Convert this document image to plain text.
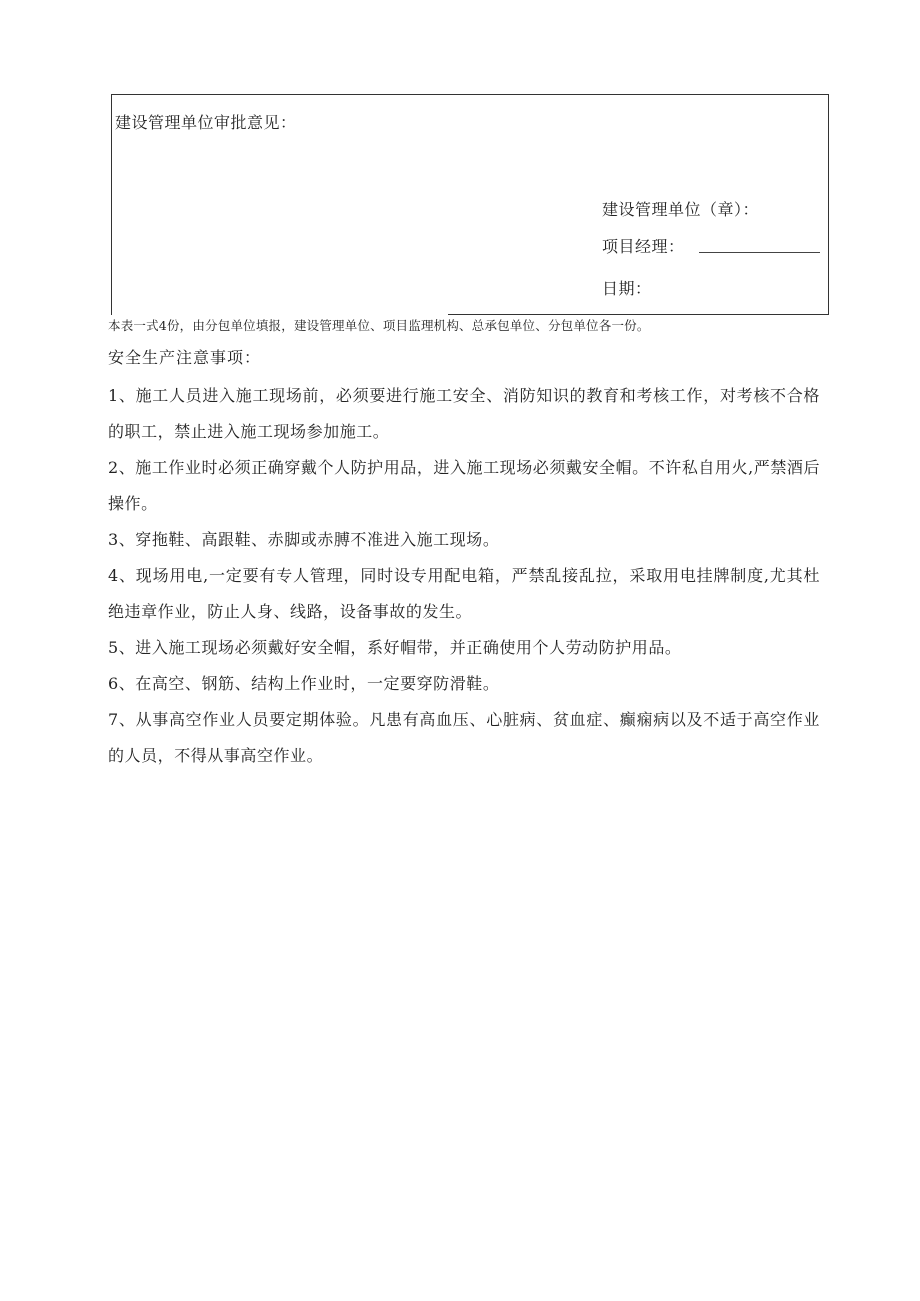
建设管理单位审批意见：
建设管理单位（章）：
项目经理：
日期：
本表一式4份，由分包单位填报，建设管理单位、项目监理机构、总承包单位、分包单位各一份。
安全生产注意事项：
1、施工人员进入施工现场前，必须要进行施工安全、消防知识的教育和考核工作，对考核不合格的职工，禁止进入施工现场参加施工。
2、施工作业时必须正确穿戴个人防护用品，进入施工现场必须戴安全帽。不许私自用火,严禁酒后操作。
3、穿拖鞋、高跟鞋、赤脚或赤膊不准进入施工现场。
4、现场用电,一定要有专人管理，同时设专用配电箱，严禁乱接乱拉，采取用电挂牌制度,尤其杜绝违章作业，防止人身、线路，设备事故的发生。
5、进入施工现场必须戴好安全帽，系好帽带，并正确使用个人劳动防护用品。
6、在高空、钢筋、结构上作业时，一定要穿防滑鞋。
7、从事高空作业人员要定期体验。凡患有高血压、心脏病、贫血症、癫痫病以及不适于高空作业的人员，不得从事高空作业。
